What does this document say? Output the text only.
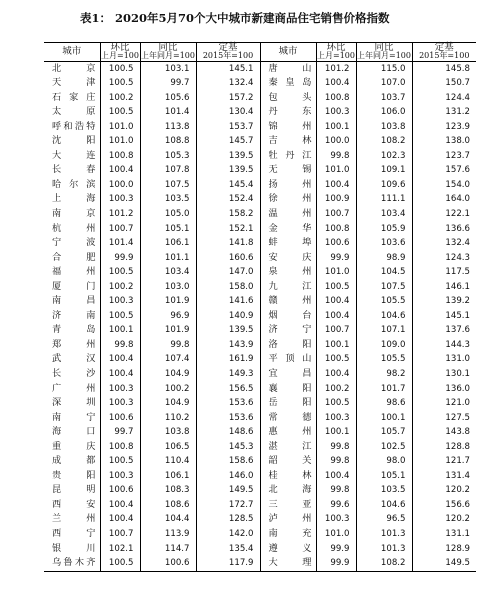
表1： 2020年5月70个大中城市新建商品住宅销售价格指数
城市	环比	同比	定基	城市	环比	同比	定基
	上月=100	上年同月=100	2015年=100		上月=100	上年同月=100	2015年=100
北京	100.5	103.1	145.1	唐山	101.2	115.0	145.8
天津	100.5	99.7	132.4	秦皇岛	100.4	107.0	150.7
石家庄	100.2	105.6	157.2	包头	100.8	103.7	124.4
太原	100.5	101.4	130.4	丹东	100.3	106.0	131.2
呼和浩特	101.0	113.8	153.7	锦州	100.1	103.8	123.9
沈阳	101.0	108.8	145.7	吉林	100.0	108.2	138.0
大连	100.8	105.3	139.5	牡丹江	99.8	102.3	123.7
长春	100.4	107.8	139.5	无锡	101.0	109.1	157.6
哈尔滨	100.0	107.5	145.4	扬州	100.4	109.6	154.0
上海	100.3	103.5	152.4	徐州	100.9	111.1	164.0
南京	101.2	105.0	158.2	温州	100.7	103.4	122.1
杭州	100.7	105.1	152.1	金华	100.8	105.9	136.6
宁波	101.4	106.1	141.8	蚌埠	100.6	103.6	132.4
合肥	99.9	101.1	160.6	安庆	99.9	98.9	124.3
福州	100.5	103.4	147.0	泉州	101.0	104.5	117.5
厦门	100.2	103.0	158.0	九江	100.5	107.5	146.1
南昌	100.3	101.9	141.6	赣州	100.4	105.5	139.2
济南	100.5	96.9	140.9	烟台	100.4	104.6	145.1
青岛	100.1	101.9	139.5	济宁	100.7	107.1	137.6
郑州	99.8	99.8	143.9	洛阳	100.1	109.0	144.3
武汉	100.4	107.4	161.9	平顶山	100.5	105.5	131.0
长沙	100.4	104.9	149.3	宜昌	100.4	98.2	130.1
广州	100.3	100.2	156.5	襄阳	100.2	101.7	136.0
深圳	100.3	104.9	153.6	岳阳	100.5	98.6	121.0
南宁	100.6	110.2	153.6	常德	100.3	100.1	127.5
海口	99.7	103.8	148.6	惠州	100.1	105.7	143.8
重庆	100.8	106.5	145.3	湛江	99.8	102.5	128.8
成都	100.5	110.4	158.6	韶关	99.8	98.0	121.7
贵阳	100.3	106.1	146.0	桂林	100.4	105.1	131.4
昆明	100.6	108.3	149.5	北海	99.8	103.5	120.2
西安	100.4	108.6	172.7	三亚	99.6	104.6	156.6
兰州	100.4	104.4	128.5	泸州	100.3	96.5	120.2
西宁	100.7	113.9	142.0	南充	101.0	101.3	131.1
银川	102.1	114.7	135.4	遵义	99.9	101.3	128.9
乌鲁木齐	100.5	100.6	117.9	大理	99.9	108.2	149.5
